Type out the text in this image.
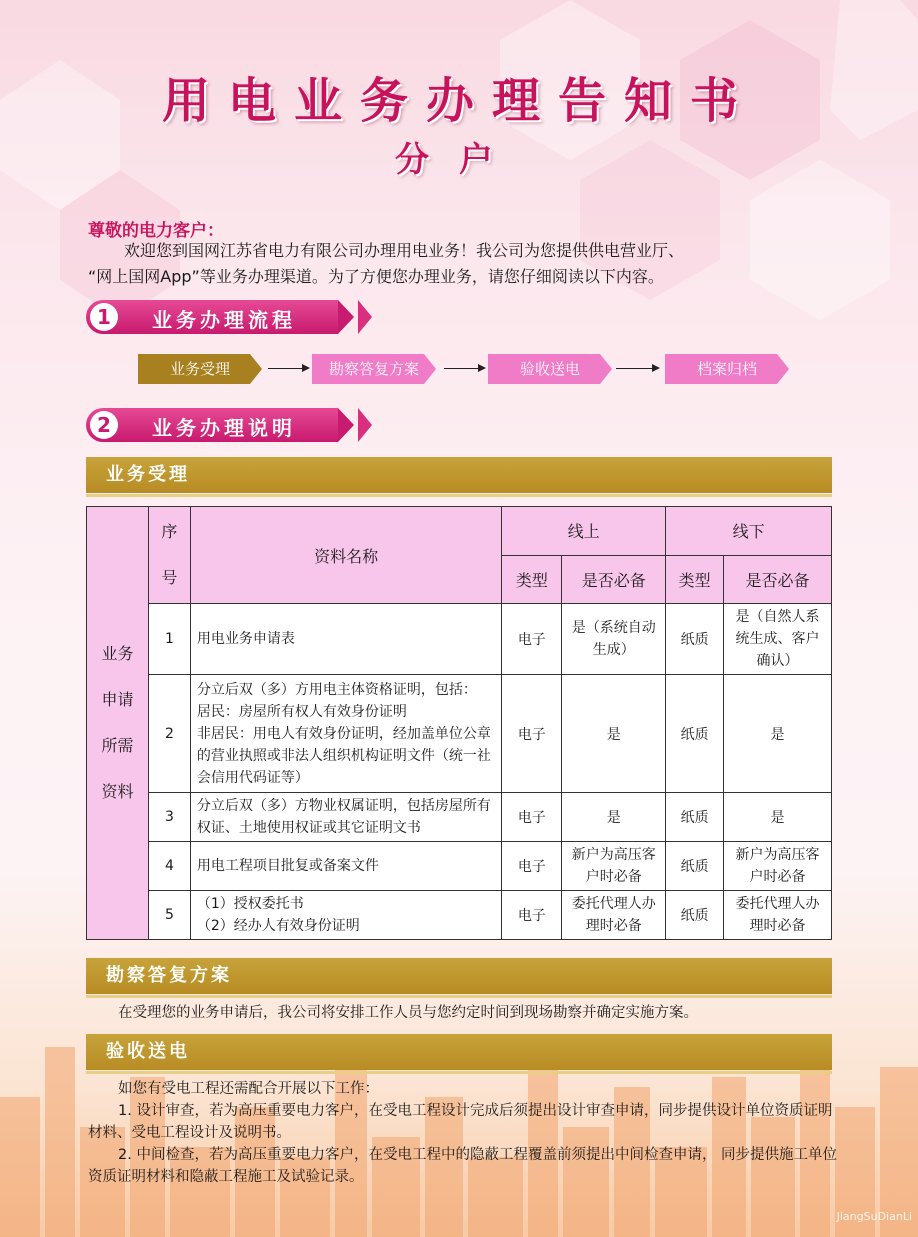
用电业务办理告知书
分户
尊敬的电力客户：

欢迎您到国网江苏省电力有限公司办理用电业务！我公司为您提供供电营业厅、

“网上国网App”等业务办理渠道。为了方便您办理业务，请您仔细阅读以下内容。

1	业务办理流程
业务受理	勘察答复方案	验收送电	档案归档
2	业务办理说明
业务受理
业务
申请
所需
资料	序
号	资料名称	线上		线下	
			类型	是否必备	类型	是否必备
	1	用电业务申请表	电子	是（系统自动生成）	纸质	是（自然人系统生成、客户确认）
	2	分立后双（多）方用电主体资格证明，包括：
居民：房屋所有权人有效身份证明
非居民：用电人有效身份证明，经加盖单位公章的营业执照或非法人组织机构证明文件（统一社会信用代码证等）	电子	是	纸质	是
	3	分立后双（多）方物业权属证明，包括房屋所有权证、土地使用权证或其它证明文书	电子	是	纸质	是
	4	用电工程项目批复或备案文件	电子	新户为高压客户时必备	纸质	新户为高压客户时必备
	5	（1）授权委托书
（2）经办人有效身份证明	电子	委托代理人办理时必备	纸质	委托代理人办理时必备
勘察答复方案

在受理您的业务申请后，我公司将安排工作人员与您约定时间到现场勘察并确定实施方案。

验收送电

如您有受电工程还需配合开展以下工作：

1. 设计审查，若为高压重要电力客户，在受电工程设计完成后须提出设计审查申请，同步提供设计单位资质证明材料、受电工程设计及说明书。

2. 中间检查，若为高压重要电力客户，在受电工程中的隐蔽工程覆盖前须提出中间检查申请， 同步提供施工单位资质证明材料和隐蔽工程施工及试验记录。

JiangSuDianLi
